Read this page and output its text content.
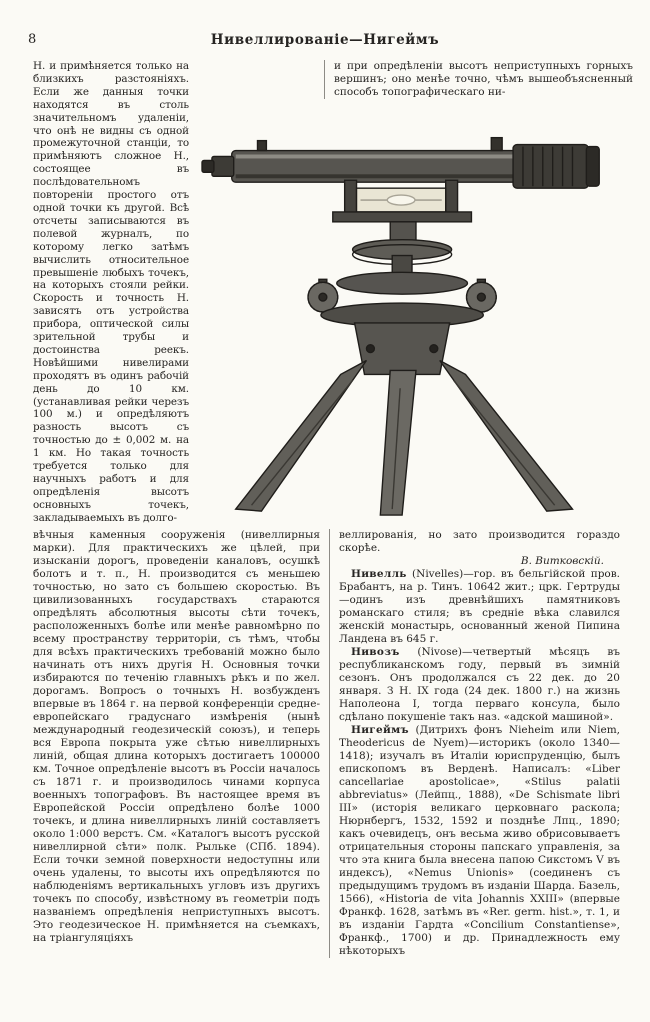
8	Нивеллированіе—Нигеймъ
Н. и примѣняется только на близкихъ разстояніяхъ. Если же данныя точки находятся въ столь значительномъ удаленіи, что онѣ не видны съ одной промежуточной станціи, то примѣняютъ сложное Н., состоящее въ послѣдовательномъ повтореніи простого отъ одной точки къ другой. Всѣ отсчеты записываются въ полевой журналъ, по которому легко затѣмъ вычислить относительное превышеніе любыхъ точекъ, на которыхъ стояли рейки. Скорость и точность Н. зависятъ отъ устройства прибора, оптической силы зрительной трубы и достоинства реекъ. Новѣйшими нивелирами проходятъ въ одинъ рабочій день до 10 км. (устанавливая рейки черезъ 100 м.) и опредѣляютъ разность высотъ съ точностью до ± 0,002 м. на 1 км. Но такая точность требуется только для научныхъ работъ и для опредѣленія высотъ основныхъ точекъ, закладываемыхъ въ долго-

и при опредѣленіи высотъ неприступныхъ горныхъ вершинъ; оно менѣе точно, чѣмъ вышеобъясненный способъ топографическаго ни-

вѣчныя каменныя сооруженія (нивеллирныя марки). Для практическихъ же цѣлей, при изысканіи дорогъ, проведеніи каналовъ, осушкѣ болотъ и т. п., Н. производится съ меньшею точностью, но зато съ большею скоростью. Въ цивилизованныхъ государствахъ стараются опредѣлять абсолютныя высоты сѣти точекъ, расположенныхъ болѣе или менѣе равномѣрно по всему пространству территоріи, съ тѣмъ, чтобы для всѣхъ практическихъ требованій можно было начинать отъ нихъ другія Н. Основныя точки избираются по теченію главныхъ рѣкъ и по жел. дорогамъ. Вопросъ о точныхъ Н. возбужденъ впервые въ 1864 г. на первой конференціи средне-европейскаго градуснаго измѣренія (нынѣ международный геодезическій союзъ), и теперь вся Европа покрыта уже сѣтью нивеллирныхъ линій, общая длина которыхъ достигаетъ 100000 км. Точное опредѣленіе высотъ въ Россіи началось съ 1871 г. и производилось чинами корпуса военныхъ топографовъ. Въ настоящее время въ Европейской Россіи опредѣлено болѣе 1000 точекъ, и длина нивеллирныхъ линій составляетъ около 1:000 верстъ. См. «Каталогъ высотъ русской нивеллирной сѣти» полк. Рыльке (СПб. 1894). Если точки земной поверхности недоступны или очень удалены, то высоты ихъ опредѣляются по наблюденіямъ вертикальныхъ угловъ изъ другихъ точекъ по способу, извѣстному въ геометріи подъ названіемъ опредѣленія неприступныхъ высотъ. Это геодезическое Н. примѣняется на съемкахъ, на тріангуляціяхъ

веллированія, но зато производится гораздо скорѣе.

В. Витковскій.

Нивелль (Nivelles)—гор. въ бельгійской пров. Брабантъ, на р. Тинъ. 10642 жит.; црк. Гертруды—одинъ изъ древнѣйшихъ памятниковъ романскаго стиля; въ средніе вѣка славился женскій монастырь, основанный женой Пипина Ландена въ 645 г.

Нивозъ (Nivose)—четвертый мѣсяцъ въ республиканскомъ году, первый въ зимній сезонъ. Онъ продолжался съ 22 дек. до 20 января. З Н. IX года (24 дек. 1800 г.) на жизнь Наполеона I, тогда перваго консула, было сдѣлано покушеніе такъ наз. «адской машиной».

Нигеймъ (Дитрихъ фонъ Nieheim или Niem, Theodericus de Nyem)—историкъ (около 1340—1418); изучалъ въ Италіи юриспруденцію, былъ епископомъ въ Верденѣ. Написалъ: «Liber cancellariae apostolicae», «Stilus palatii abbreviatus» (Лейпц., 1888), «De Schismate libri III» (исторія великаго церковнаго раскола; Нюрнбергъ, 1532, 1592 и позднѣе Лпц., 1890; какъ очевидецъ, онъ весьма живо обрисовываетъ отрицательныя стороны папскаго управленія, за что эта книга была внесена папою Сикстомъ V въ индексъ), «Nemus Unionis» (соединенъ съ предыдущимъ трудомъ въ изданіи Шарда. Базель, 1566), «Historia de vita Johannis XXIII» (впервые Франкф. 1628, затѣмъ въ «Rer. germ. hist.», т. 1, и въ изданіи Гардта «Concilium Constantiense», Франкф., 1700) и др. Принадлежность ему нѣкоторыхъ
